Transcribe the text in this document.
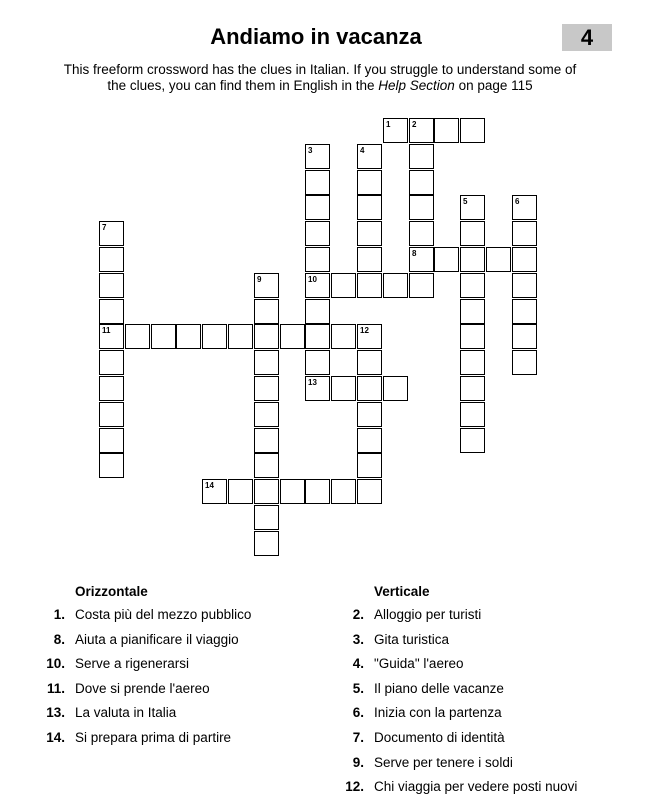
Andiamo in vacanza	4
This freeform crossword has the clues in Italian. If you struggle to understand some of
the clues, you can find them in English in the Help Section on page 115
1	2
8
3
10
13
4
5	6
7
11
9
12
14
Orizzontale	Verticale
1. Costa più del mezzo pubblico
8. Aiuta a pianificare il viaggio
10. Serve a rigenerarsi
11. Dove si prende l'aereo
13. La valuta in Italia
14. Si prepara prima di partire
2. Alloggio per turisti
3. Gita turistica
4. "Guida" l'aereo
5. Il piano delle vacanze
6. Inizia con la partenza
7. Documento di identità
9. Serve per tenere i soldi
12. Chi viaggia per vedere posti nuovi
